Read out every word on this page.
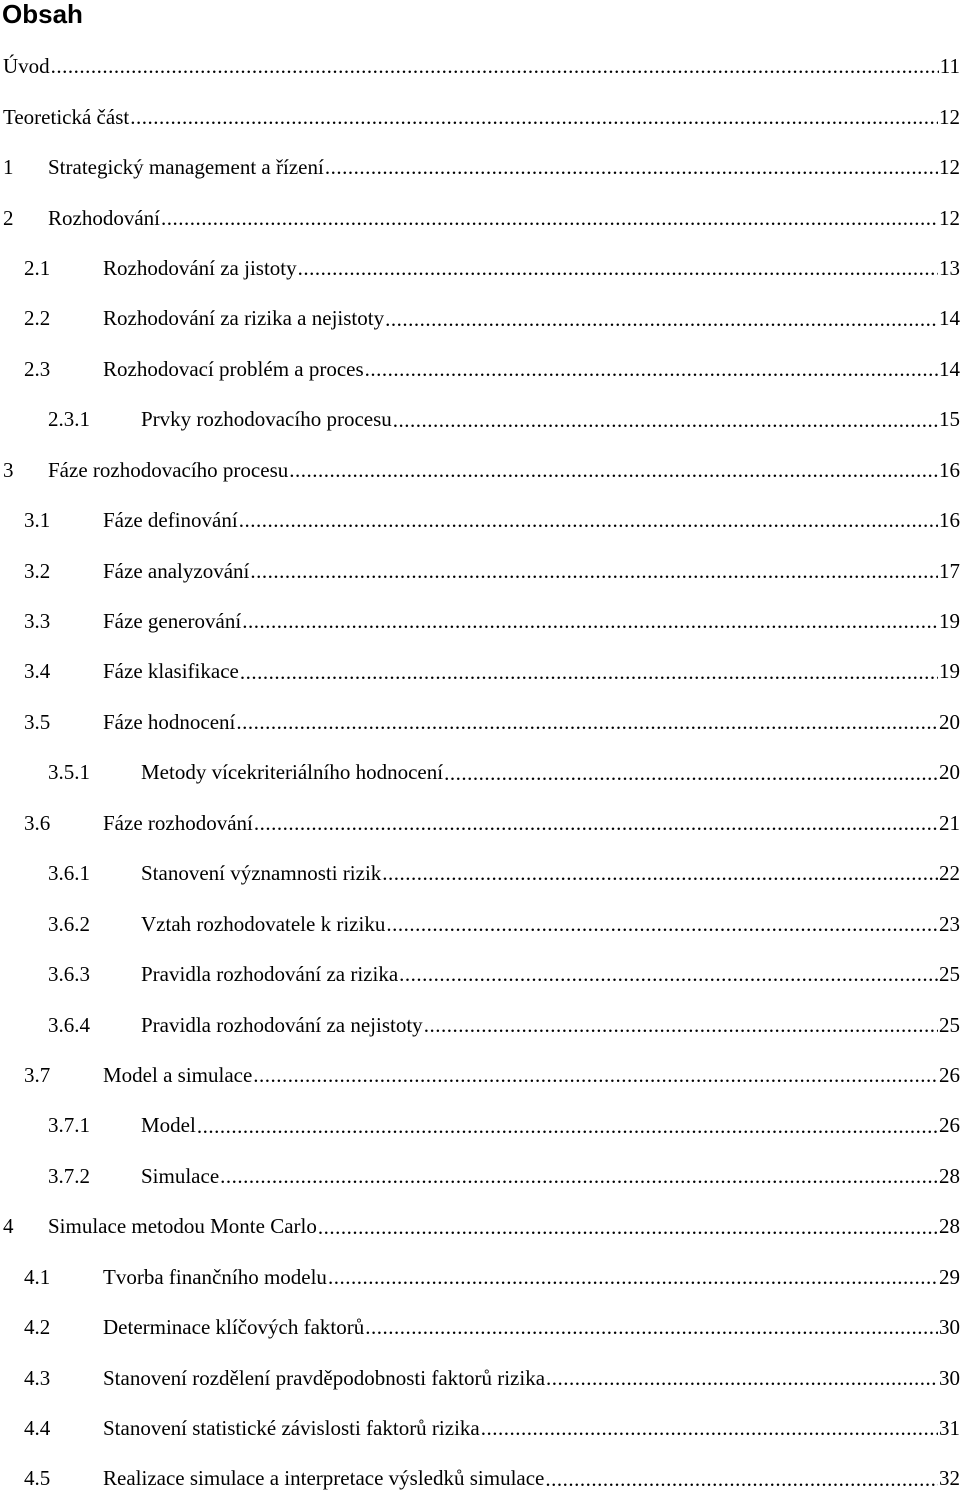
Obsah
Úvod .....	11
Teoretická část .....	12
1	Strategický management a řízení .....	12
2	Rozhodování .....	12
2.1	Rozhodování za jistoty .....	13
2.2	Rozhodování za rizika a nejistoty .....	14
2.3	Rozhodovací problém a proces .....	14
2.3.1	Prvky rozhodovacího procesu .....	15
3	Fáze rozhodovacího procesu .....	16
3.1	Fáze definování .....	16
3.2	Fáze analyzování .....	17
3.3	Fáze generování .....	19
3.4	Fáze klasifikace .....	19
3.5	Fáze hodnocení .....	20
3.5.1	Metody vícekriteriálního hodnocení .....	20
3.6	Fáze rozhodování .....	21
3.6.1	Stanovení významnosti rizik .....	22
3.6.2	Vztah rozhodovatele k riziku .....	23
3.6.3	Pravidla rozhodování za rizika .....	25
3.6.4	Pravidla rozhodování za nejistoty .....	25
3.7	Model a simulace .....	26
3.7.1	Model .....	26
3.7.2	Simulace .....	28
4	Simulace metodou Monte Carlo .....	28
4.1	Tvorba finančního modelu .....	29
4.2	Determinace klíčových faktorů .....	30
4.3	Stanovení rozdělení pravděpodobnosti faktorů rizika .....	30
4.4	Stanovení statistické závislosti faktorů rizika .....	31
4.5	Realizace simulace a interpretace výsledků simulace .....	32
